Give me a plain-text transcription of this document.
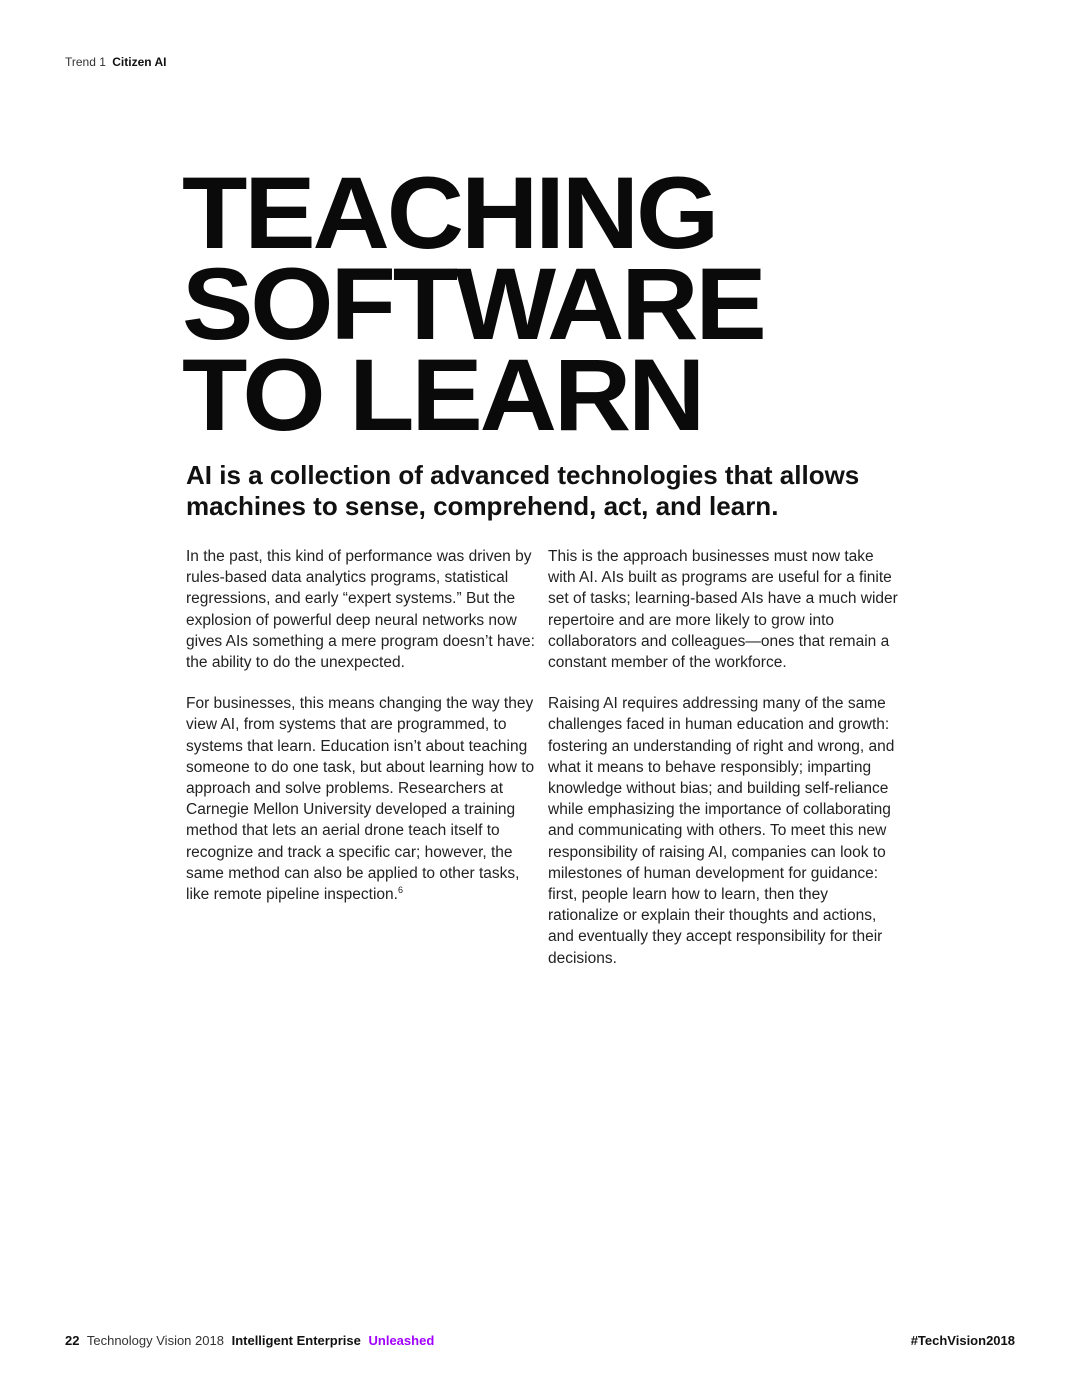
Trend 1 Citizen AI
TEACHING
SOFTWARE
TO LEARN
AI is a collection of advanced technologies that allows machines to sense, comprehend, act, and learn.

In the past, this kind of performance was driven by rules-based data analytics programs, statistical regressions, and early “expert systems.” But the explosion of powerful deep neural networks now gives AIs something a mere program doesn’t have: the ability to do the unexpected.

For businesses, this means changing the way they view AI, from systems that are programmed, to systems that learn. Education isn’t about teaching someone to do one task, but about learning how to approach and solve problems. Researchers at Carnegie Mellon University developed a training method that lets an aerial drone teach itself to recognize and track a specific car; however, the same method can also be applied to other tasks, like remote pipeline inspection.$^6$

This is the approach businesses must now take with AI. AIs built as programs are useful for a finite set of tasks; learning-based AIs have a much wider repertoire and are more likely to grow into collaborators and colleagues—ones that remain a constant member of the workforce.

Raising AI requires addressing many of the same challenges faced in human education and growth: fostering an understanding of right and wrong, and what it means to behave responsibly; imparting knowledge without bias; and building self-reliance while emphasizing the importance of collaborating and communicating with others. To meet this new responsibility of raising AI, companies can look to milestones of human development for guidance: first, people learn how to learn, then they rationalize or explain their thoughts and actions, and eventually they accept responsibility for their decisions.

22 Technology Vision 2018 Intelligent Enterprise Unleashed	#TechVision2018
